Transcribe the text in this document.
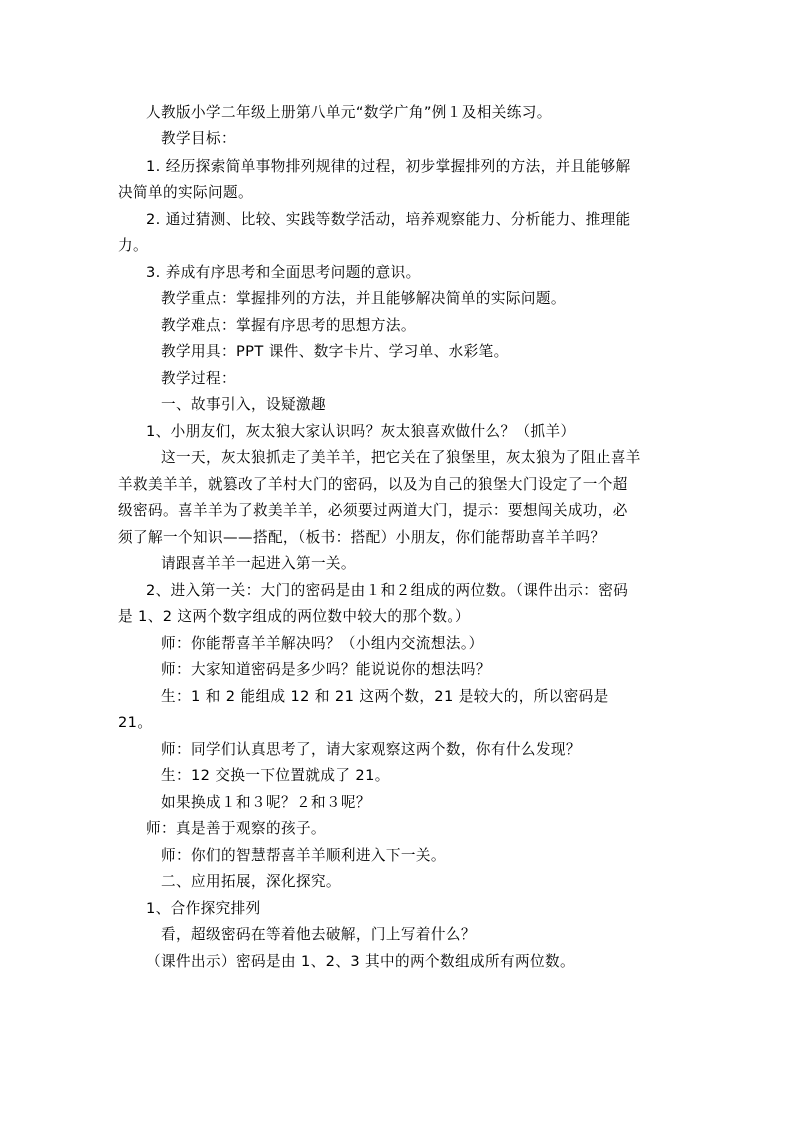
人教版小学二年级上册第八单元“数学广角”例１及相关练习。
教学目标：
1. 经历探索简单事物排列规律的过程，初步掌握排列的方法，并且能够解
决简单的实际问题。
2. 通过猜测、比较、实践等数学活动，培养观察能力、分析能力、推理能
力。
3. 养成有序思考和全面思考问题的意识。
教学重点：掌握排列的方法，并且能够解决简单的实际问题。
教学难点：掌握有序思考的思想方法。
教学用具：PPT 课件、数字卡片、学习单、水彩笔。
教学过程：
一、故事引入，设疑激趣
1、小朋友们，灰太狼大家认识吗？灰太狼喜欢做什么？（抓羊）
这一天，灰太狼抓走了美羊羊，把它关在了狼堡里，灰太狼为了阻止喜羊
羊救美羊羊，就篡改了羊村大门的密码，以及为自己的狼堡大门设定了一个超
级密码。喜羊羊为了救美羊羊，必须要过两道大门，提示：要想闯关成功，必
须了解一个知识——搭配，（板书：搭配）小朋友，你们能帮助喜羊羊吗？
请跟喜羊羊一起进入第一关。
2、进入第一关：大门的密码是由１和２组成的两位数。（课件出示：密码
是 1、2 这两个数字组成的两位数中较大的那个数。）
师：你能帮喜羊羊解决吗？（小组内交流想法。）
师：大家知道密码是多少吗？能说说你的想法吗？
生：1 和 2 能组成 12 和 21 这两个数，21 是较大的，所以密码是
21。
师：同学们认真思考了，请大家观察这两个数，你有什么发现？
生：12 交换一下位置就成了 21。
如果换成１和３呢？２和３呢？
师：真是善于观察的孩子。
师：你们的智慧帮喜羊羊顺利进入下一关。
二、应用拓展，深化探究。
1、合作探究排列
看，超级密码在等着他去破解，门上写着什么？
（课件出示）密码是由 1、2、3 其中的两个数组成所有两位数。
